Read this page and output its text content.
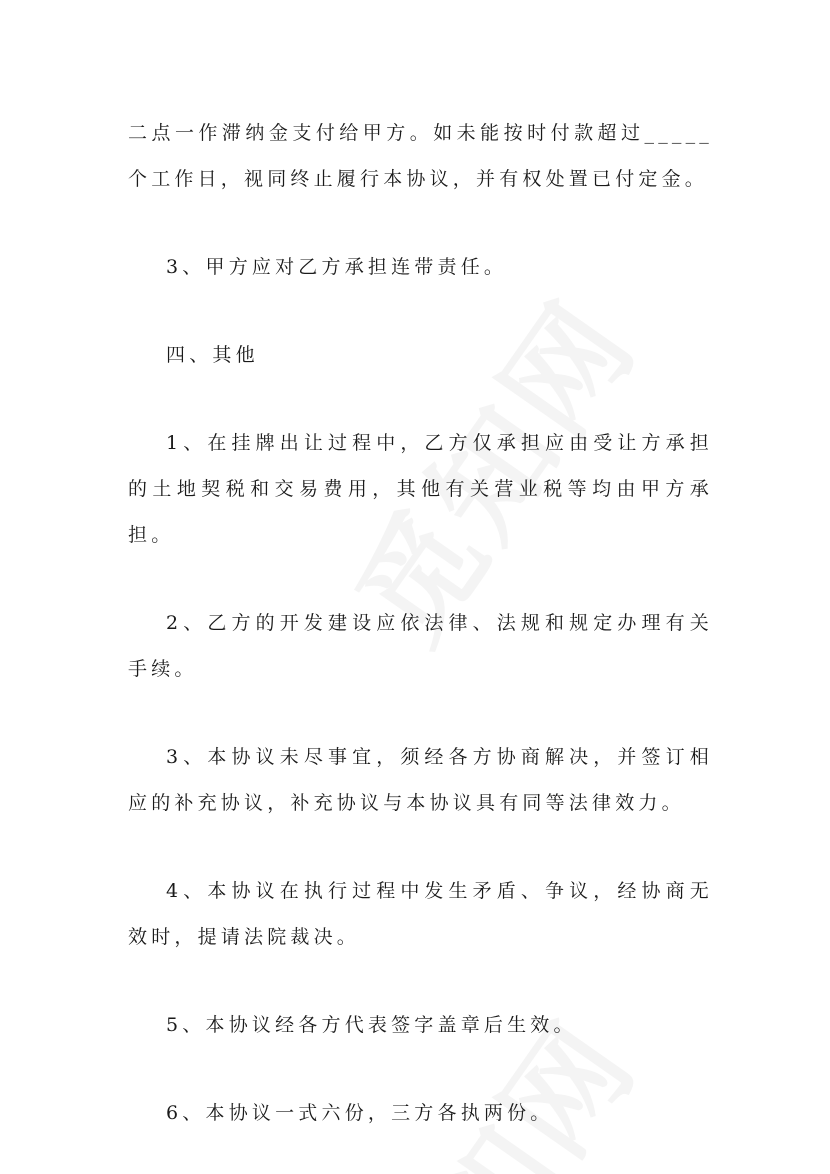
二点一作滞纳金支付给甲方。如未能按时付款超过_____个工作日，视同终止履行本协议，并有权处置已付定金。

3、甲方应对乙方承担连带责任。

四、其他

1、在挂牌出让过程中，乙方仅承担应由受让方承担的土地契税和交易费用，其他有关营业税等均由甲方承担。

2、乙方的开发建设应依法律、法规和规定办理有关手续。

3、本协议未尽事宜，须经各方协商解决，并签订相应的补充协议，补充协议与本协议具有同等法律效力。

4、本协议在执行过程中发生矛盾、争议，经协商无效时，提请法院裁决。

5、本协议经各方代表签字盖章后生效。

6、本协议一式六份，三方各执两份。
